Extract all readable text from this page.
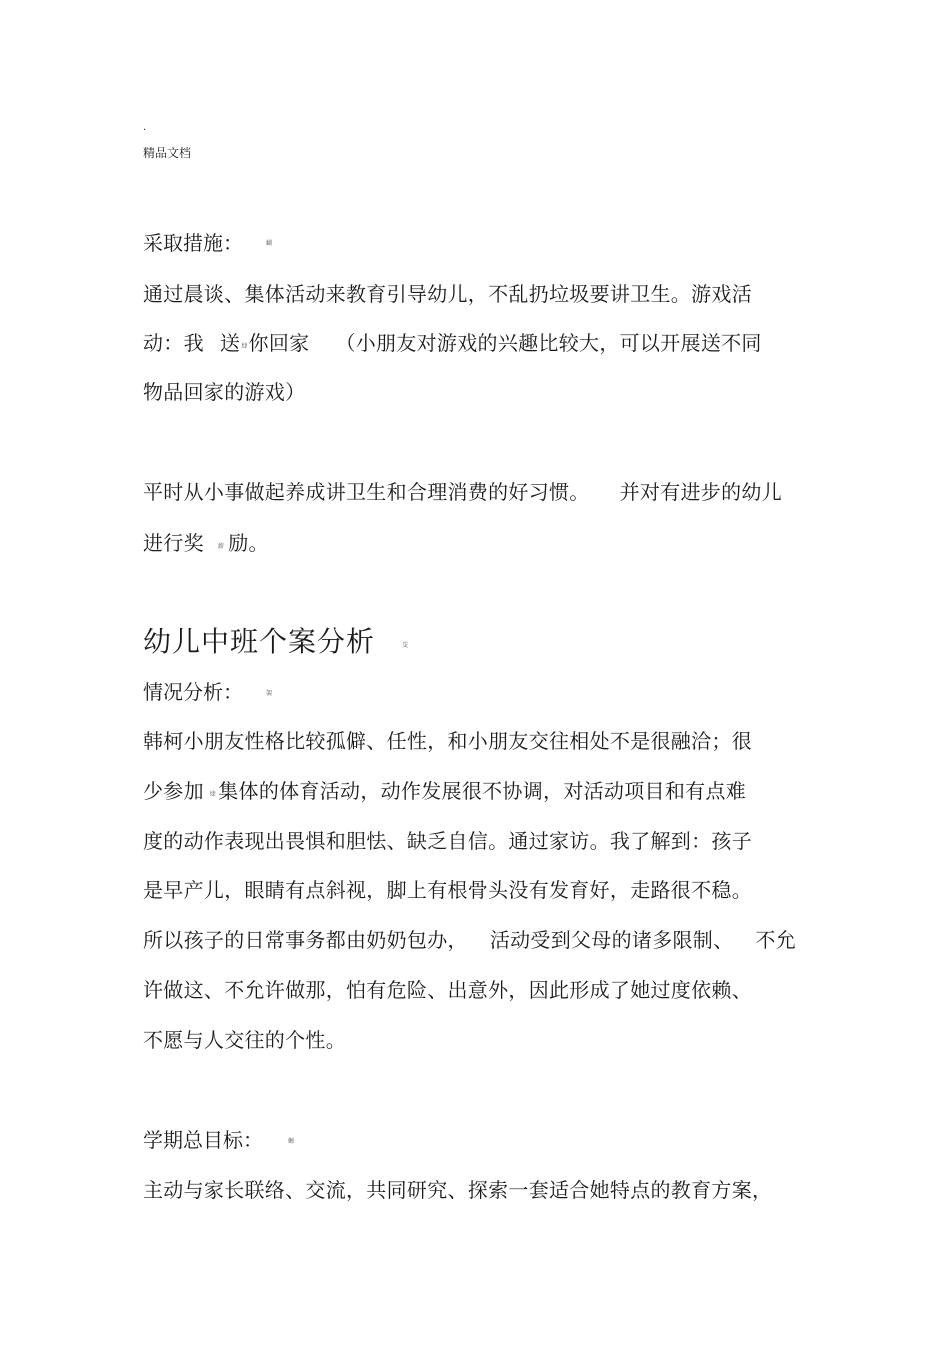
.
精品文档
采取措施：	蝴
通过晨谈、集体活动来教育引导幼儿，不乱扔垃圾要讲卫生。游戏活
动：我 送肆你回家 （小朋友对游戏的兴趣比较大，可以开展送不同
物品回家的游戏）
平时从小事做起养成讲卫生和合理消费的好习惯。 并对有进步的幼儿
进行奖 薪 励。
幼儿中班个案分析	芟
情况分析：	袈
韩柯小朋友性格比较孤僻、任性，和小朋友交往相处不是很融洽；很
少参加 肆 集体的体育活动，动作发展很不协调，对活动项目和有点难
度的动作表现出畏惧和胆怯、缺乏自信。通过家访。我了解到：孩子
是早产儿，眼睛有点斜视，脚上有根骨头没有发育好，走路很不稳。
所以孩子的日常事务都由奶奶包办， 活动受到父母的诸多限制、 不允
许做这、不允许做那，怕有危险、出意外，因此形成了她过度依赖、
不愿与人交往的个性。
学期总目标：	螈
主动与家长联络、交流，共同研究、探索一套适合她特点的教育方案，
